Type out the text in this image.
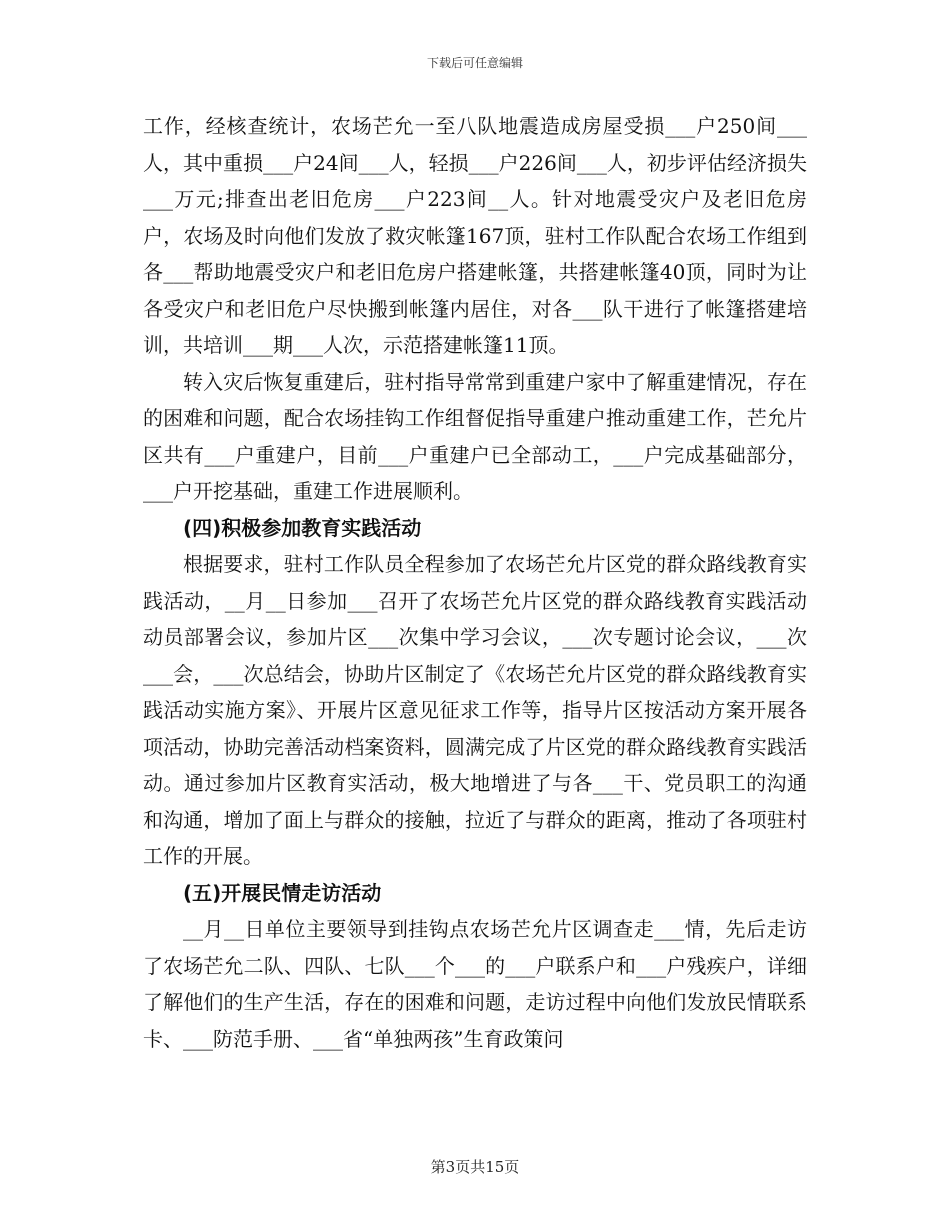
下载后可任意编辑

工作，经核查统计，农场芒允一至八队地震造成房屋受损___户250间___人，其中重损___户24间___人，轻损___户226间___人，初步评估经济损失___万元;排查出老旧危房___户223间__人。针对地震受灾户及老旧危房户，农场及时向他们发放了救灾帐篷167顶，驻村工作队配合农场工作组到各___帮助地震受灾户和老旧危房户搭建帐篷，共搭建帐篷40顶，同时为让各受灾户和老旧危户尽快搬到帐篷内居住，对各___队干进行了帐篷搭建培训，共培训___期___人次，示范搭建帐篷11顶。

转入灾后恢复重建后，驻村指导常常到重建户家中了解重建情况，存在的困难和问题，配合农场挂钩工作组督促指导重建户推动重建工作，芒允片区共有___户重建户，目前___户重建户已全部动工，___户完成基础部分，___户开挖基础，重建工作进展顺利。

(四)积极参加教育实践活动

根据要求，驻村工作队员全程参加了农场芒允片区党的群众路线教育实践活动，__月__日参加___召开了农场芒允片区党的群众路线教育实践活动动员部署会议，参加片区___次集中学习会议，___次专题讨论会议，___次___会，___次总结会，协助片区制定了《农场芒允片区党的群众路线教育实践活动实施方案》、开展片区意见征求工作等，指导片区按活动方案开展各项活动，协助完善活动档案资料，圆满完成了片区党的群众路线教育实践活动。通过参加片区教育实活动，极大地增进了与各___干、党员职工的沟通和沟通，增加了面上与群众的接触，拉近了与群众的距离，推动了各项驻村工作的开展。

(五)开展民情走访活动

__月__日单位主要领导到挂钩点农场芒允片区调查走___情，先后走访了农场芒允二队、四队、七队___个___的___户联系户和___户残疾户，详细了解他们的生产生活，存在的困难和问题，走访过程中向他们发放民情联系卡、___防范手册、___省“单独两孩”生育政策问

第3页共15页
